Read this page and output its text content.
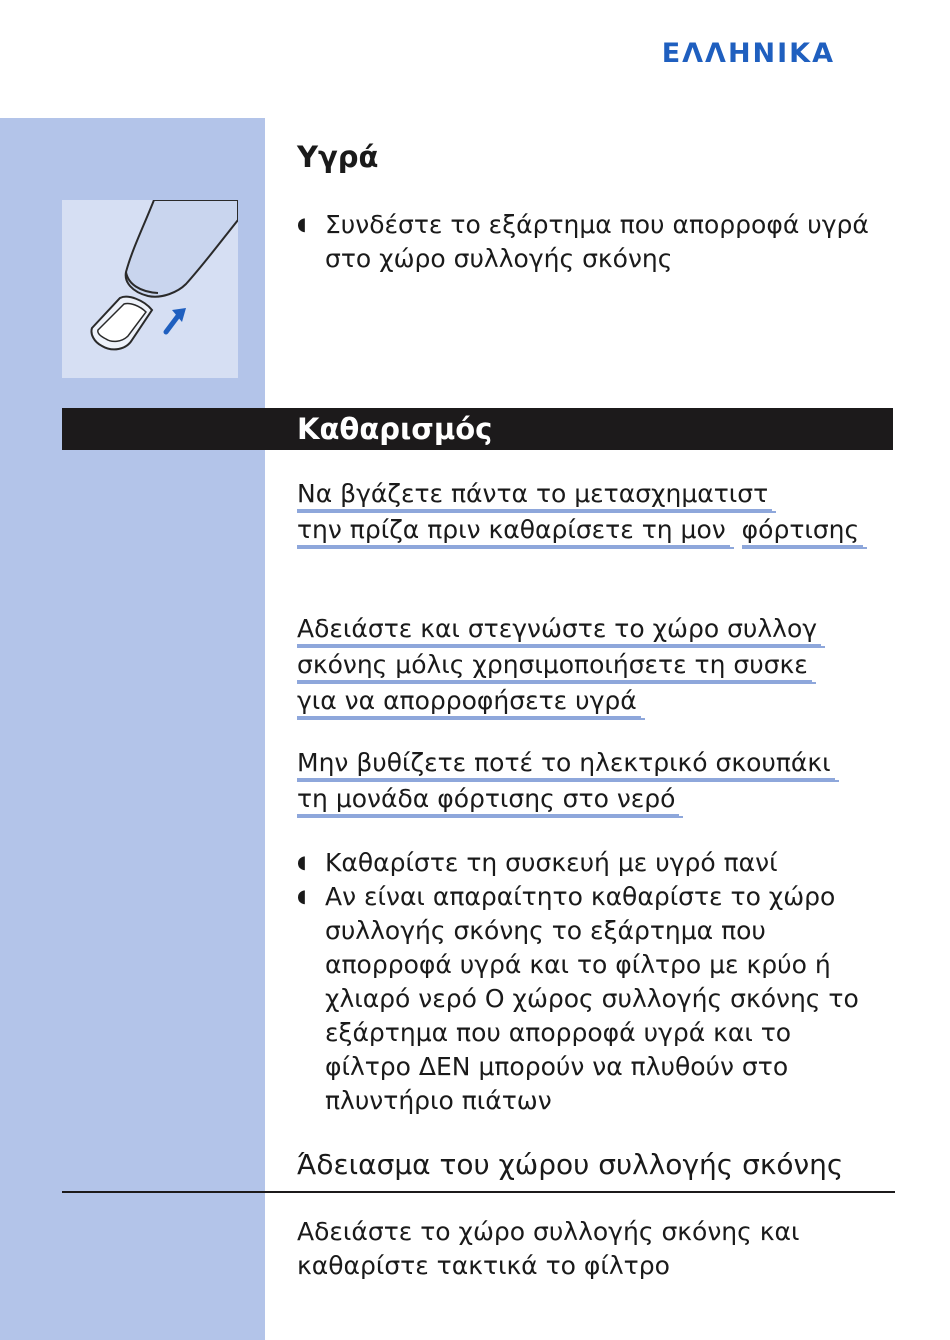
ΕΛΛΗΝΙΚΑ
Υγρά
◖ Συνδέστε το εξάρτημα που απορροφά υγρά
στο χώρο συλλογής σκόνης
Καθαρισμός
Να βγάζετε πάντα το μετασχηματιστ την πρίζα πριν καθαρίσετε τη μον φόρτισης
Αδειάστε και στεγνώστε το χώρο συλλογ σκόνης μόλις χρησιμοποιήσετε τη συσκε για να απορροφήσετε υγρά
Μην βυθίζετε ποτέ το ηλεκτρικό σκουπάκι τη μονάδα φόρτισης στο νερό
◖ Καθαρίστε τη συσκευή με υγρό πανί
◖ Αν είναι απαραίτητο καθαρίστε το χώρο
συλλογής σκόνης το εξάρτημα που
απορροφά υγρά και το φίλτρο με κρύο ή
χλιαρό νερό Ο χώρος συλλογής σκόνης το
εξάρτημα που απορροφά υγρά και το
φίλτρο ΔΕΝ μπορούν να πλυθούν στο
πλυντήριο πιάτων
Άδειασμα του χώρου συλλογής σκόνης
Αδειάστε το χώρο συλλογής σκόνης και
καθαρίστε τακτικά το φίλτρο
